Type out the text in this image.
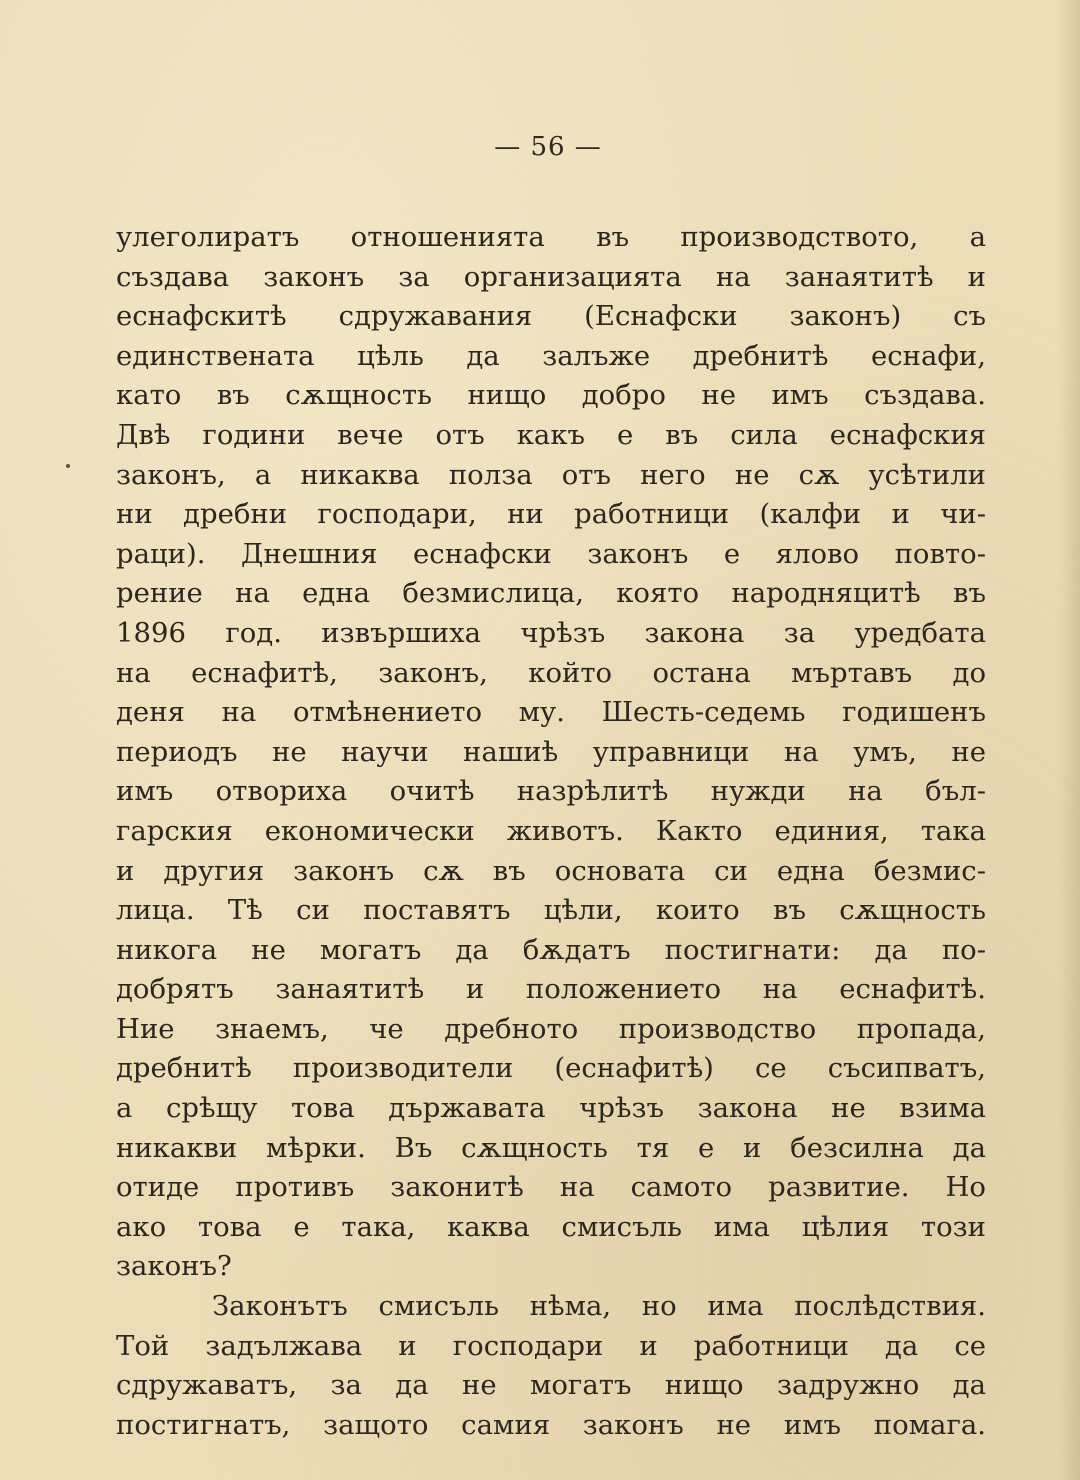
— 56 —
улеголиратъ отношенията въ производството, а
създава законъ за организацията на занаятитѣ и
еснафскитѣ сдружавания (Еснафски законъ) съ
единствената цѣль да залъже дребнитѣ еснафи,
като въ сѫщность нищо добро не имъ създава.
Двѣ години вече отъ какъ е въ сила еснафския
законъ, а никаква полза отъ него не сѫ усѣтили
ни дребни господари, ни работници (калфи и чи-
раци). Днешния еснафски законъ е ялово повто-
рение на една безмислица, която народняцитѣ въ
1896 год. извършиха чрѣзъ закона за уредбата
на еснафитѣ, законъ, който остана мъртавъ до
деня на отмѣнението му. Шесть-седемь годишенъ
периодъ не научи нашиѣ управници на умъ, не
имъ отвориха очитѣ назрѣлитѣ нужди на бъл-
гарския економически животъ. Както единия, така
и другия законъ сѫ въ основата си една безмис-
лица. Тѣ си поставятъ цѣли, които въ сѫщность
никога не могатъ да бѫдатъ постигнати: да по-
добрятъ занаятитѣ и положението на еснафитѣ.
Ние знаемъ, че дребното производство пропада,
дребнитѣ производители (еснафитѣ) се съсипватъ,
а срѣщу това държавата чрѣзъ закона не взима
никакви мѣрки. Въ сѫщность тя е и безсилна да
отиде противъ законитѣ на самото развитие. Но
ако това е така, каква смисъль има цѣлия този
законъ?
Законътъ смисъль нѣма, но има послѣдствия.
Той задължава и господари и работници да се
сдружаватъ, за да не могатъ нищо задружно да
постигнатъ, защото самия законъ не имъ помага.
